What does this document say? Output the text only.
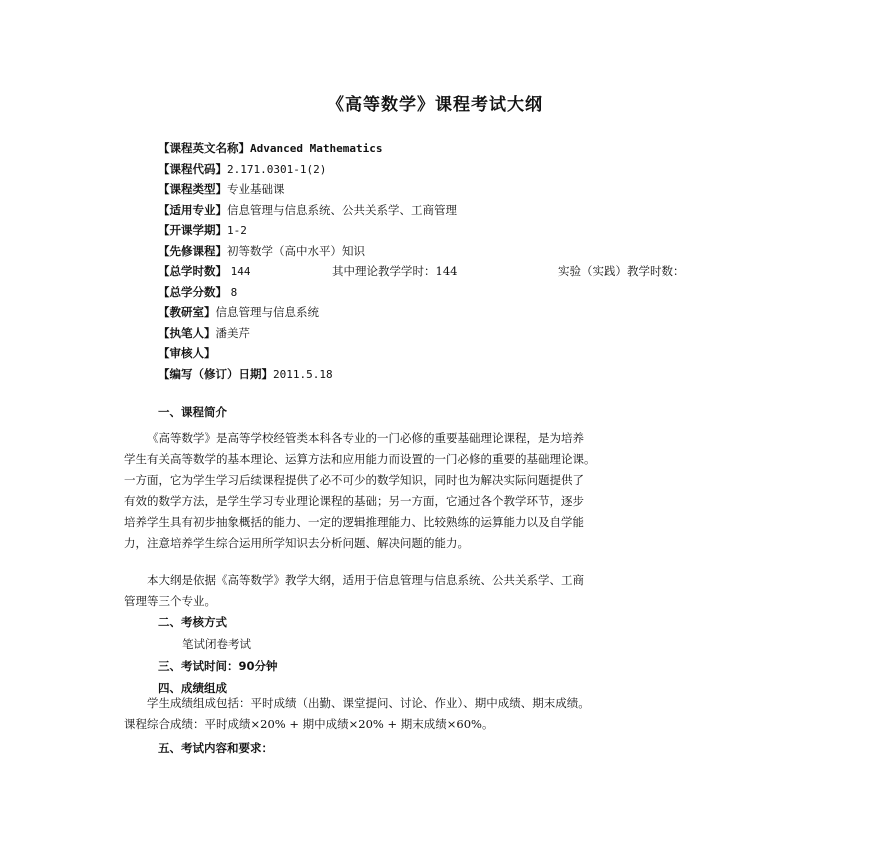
《高等数学》课程考试大纲
【课程英文名称】Advanced Mathematics
【课程代码】2.171.0301-1(2)
【课程类型】专业基础课
【适用专业】信息管理与信息系统、公共关系学、工商管理
【开课学期】1-2
【先修课程】初等数学（高中水平）知识
【总学时数】 144	其中理论教学学时：144	实验（实践）教学时数：
【总学分数】 8
【教研室】信息管理与信息系统
【执笔人】潘美芹
【审核人】
【编写（修订）日期】2011.5.18
一、课程简介
《高等数学》是高等学校经管类本科各专业的一门必修的重要基础理论课程，是为培养
学生有关高等数学的基本理论、运算方法和应用能力而设置的一门必修的重要的基础理论课。
一方面，它为学生学习后续课程提供了必不可少的数学知识，同时也为解决实际问题提供了
有效的数学方法，是学生学习专业理论课程的基础；另一方面，它通过各个教学环节，逐步
培养学生具有初步抽象概括的能力、一定的逻辑推理能力、比较熟练的运算能力以及自学能
力，注意培养学生综合运用所学知识去分析问题、解决问题的能力。
本大纲是依据《高等数学》教学大纲，适用于信息管理与信息系统、公共关系学、工商
管理等三个专业。
二、考核方式
笔试闭卷考试
三、考试时间：90分钟
四、成绩组成
学生成绩组成包括：平时成绩（出勤、课堂提问、讨论、作业）、期中成绩、期末成绩。
课程综合成绩：平时成绩×20% + 期中成绩×20% + 期末成绩×60%。
五、考试内容和要求：
